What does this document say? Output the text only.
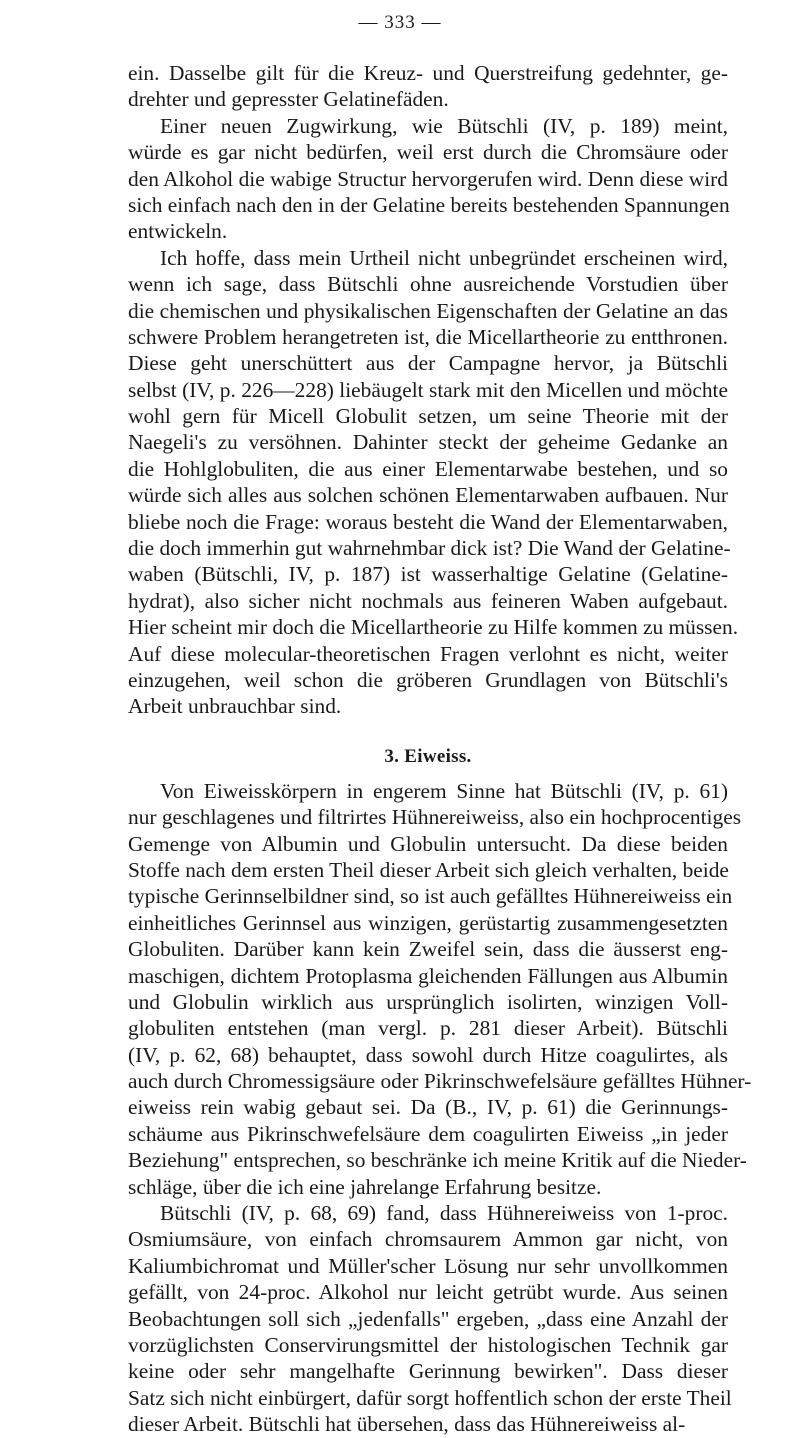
— 333 —
ein. Dasselbe gilt für die Kreuz- und Querstreifung gedehnter, ge-
drehter und gepresster Gelatinefäden.
Einer neuen Zugwirkung, wie Bütschli (IV, p. 189) meint,
würde es gar nicht bedürfen, weil erst durch die Chromsäure oder
den Alkohol die wabige Structur hervorgerufen wird. Denn diese wird
sich einfach nach den in der Gelatine bereits bestehenden Spannungen
entwickeln.
Ich hoffe, dass mein Urtheil nicht unbegründet erscheinen wird,
wenn ich sage, dass Bütschli ohne ausreichende Vorstudien über
die chemischen und physikalischen Eigenschaften der Gelatine an das
schwere Problem herangetreten ist, die Micellartheorie zu entthronen.
Diese geht unerschüttert aus der Campagne hervor, ja Bütschli
selbst (IV, p. 226—228) liebäugelt stark mit den Micellen und möchte
wohl gern für Micell Globulit setzen, um seine Theorie mit der
Naegeli's zu versöhnen. Dahinter steckt der geheime Gedanke an
die Hohlglobuliten, die aus einer Elementarwabe bestehen, und so
würde sich alles aus solchen schönen Elementarwaben aufbauen. Nur
bliebe noch die Frage: woraus besteht die Wand der Elementarwaben,
die doch immerhin gut wahrnehmbar dick ist? Die Wand der Gelatine-
waben (Bütschli, IV, p. 187) ist wasserhaltige Gelatine (Gelatine-
hydrat), also sicher nicht nochmals aus feineren Waben aufgebaut.
Hier scheint mir doch die Micellartheorie zu Hilfe kommen zu müssen.
Auf diese molecular-theoretischen Fragen verlohnt es nicht, weiter
einzugehen, weil schon die gröberen Grundlagen von Bütschli's
Arbeit unbrauchbar sind.
3. Eiweiss.
Von Eiweisskörpern in engerem Sinne hat Bütschli (IV, p. 61)
nur geschlagenes und filtrirtes Hühnereiweiss, also ein hochprocentiges
Gemenge von Albumin und Globulin untersucht. Da diese beiden
Stoffe nach dem ersten Theil dieser Arbeit sich gleich verhalten, beide
typische Gerinnselbildner sind, so ist auch gefälltes Hühnereiweiss ein
einheitliches Gerinnsel aus winzigen, gerüstartig zusammengesetzten
Globuliten. Darüber kann kein Zweifel sein, dass die äusserst eng-
maschigen, dichtem Protoplasma gleichenden Fällungen aus Albumin
und Globulin wirklich aus ursprünglich isolirten, winzigen Voll-
globuliten entstehen (man vergl. p. 281 dieser Arbeit). Bütschli
(IV, p. 62, 68) behauptet, dass sowohl durch Hitze coagulirtes, als
auch durch Chromessigsäure oder Pikrinschwefelsäure gefälltes Hühner-
eiweiss rein wabig gebaut sei. Da (B., IV, p. 61) die Gerinnungs-
schäume aus Pikrinschwefelsäure dem coagulirten Eiweiss „in jeder
Beziehung" entsprechen, so beschränke ich meine Kritik auf die Nieder-
schläge, über die ich eine jahrelange Erfahrung besitze.
Bütschli (IV, p. 68, 69) fand, dass Hühnereiweiss von 1-proc.
Osmiumsäure, von einfach chromsaurem Ammon gar nicht, von
Kaliumbichromat und Müller'scher Lösung nur sehr unvollkommen
gefällt, von 24-proc. Alkohol nur leicht getrübt wurde. Aus seinen
Beobachtungen soll sich „jedenfalls" ergeben, „dass eine Anzahl der
vorzüglichsten Conservirungsmittel der histologischen Technik gar
keine oder sehr mangelhafte Gerinnung bewirken". Dass dieser
Satz sich nicht einbürgert, dafür sorgt hoffentlich schon der erste Theil
dieser Arbeit. Bütschli hat übersehen, dass das Hühnereiweiss al-
